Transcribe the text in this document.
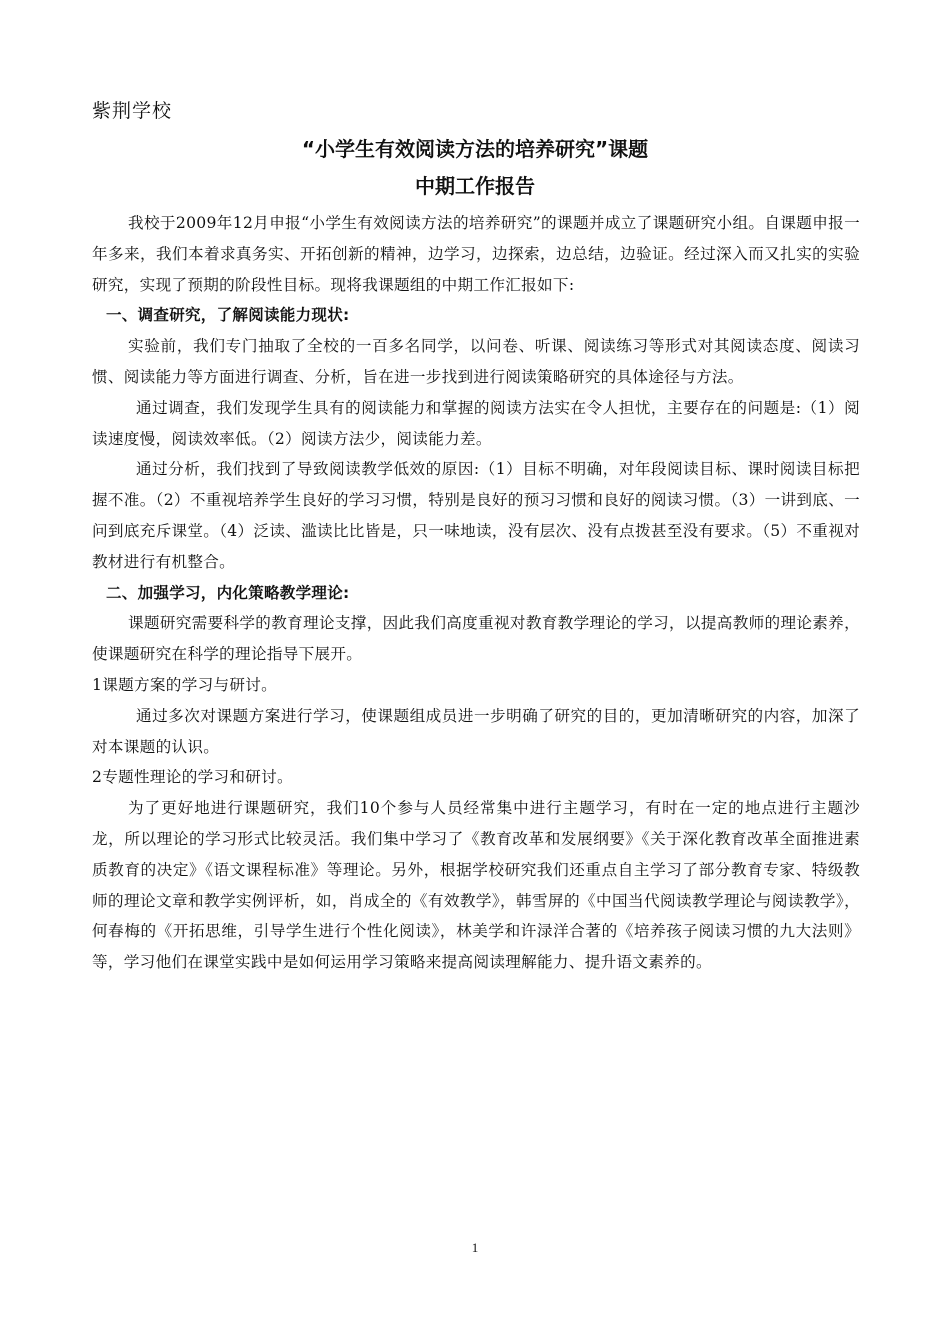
紫荆学校
“小学生有效阅读方法的培养研究”课题
中期工作报告

我校于2009年12月申报“小学生有效阅读方法的培养研究”的课题并成立了课题研究小组。自课题申报一年多来，我们本着求真务实、开拓创新的精神，边学习，边探索，边总结，边验证。经过深入而又扎实的实验研究，实现了预期的阶段性目标。现将我课题组的中期工作汇报如下:

一、调查研究，了解阅读能力现状:

实验前，我们专门抽取了全校的一百多名同学，以问卷、听课、阅读练习等形式对其阅读态度、阅读习惯、阅读能力等方面进行调查、分析，旨在进一步找到进行阅读策略研究的具体途径与方法。

通过调查，我们发现学生具有的阅读能力和掌握的阅读方法实在令人担忧，主要存在的问题是:（1）阅读速度慢，阅读效率低。（2）阅读方法少，阅读能力差。

通过分析，我们找到了导致阅读教学低效的原因:（1）目标不明确，对年段阅读目标、课时阅读目标把握不准。（2）不重视培养学生良好的学习习惯，特别是良好的预习习惯和良好的阅读习惯。（3）一讲到底、一问到底充斥课堂。（4）泛读、滥读比比皆是，只一味地读，没有层次、没有点拨甚至没有要求。（5）不重视对教材进行有机整合。

二、加强学习，内化策略教学理论:

课题研究需要科学的教育理论支撑，因此我们高度重视对教育教学理论的学习，以提高教师的理论素养，使课题研究在科学的理论指导下展开。

1课题方案的学习与研讨。

通过多次对课题方案进行学习，使课题组成员进一步明确了研究的目的，更加清晰研究的内容，加深了对本课题的认识。

2专题性理论的学习和研讨。

为了更好地进行课题研究，我们10个参与人员经常集中进行主题学习，有时在一定的地点进行主题沙龙，所以理论的学习形式比较灵活。我们集中学习了《教育改革和发展纲要》《关于深化教育改革全面推进素质教育的决定》《语文课程标准》等理论。另外，根据学校研究我们还重点自主学习了部分教育专家、特级教师的理论文章和教学实例评析，如，肖成全的《有效教学》，韩雪屏的《中国当代阅读教学理论与阅读教学》，何春梅的《开拓思维，引导学生进行个性化阅读》，林美学和许渌洋合著的《培养孩子阅读习惯的九大法则》等，学习他们在课堂实践中是如何运用学习策略来提高阅读理解能力、提升语文素养的。

1
